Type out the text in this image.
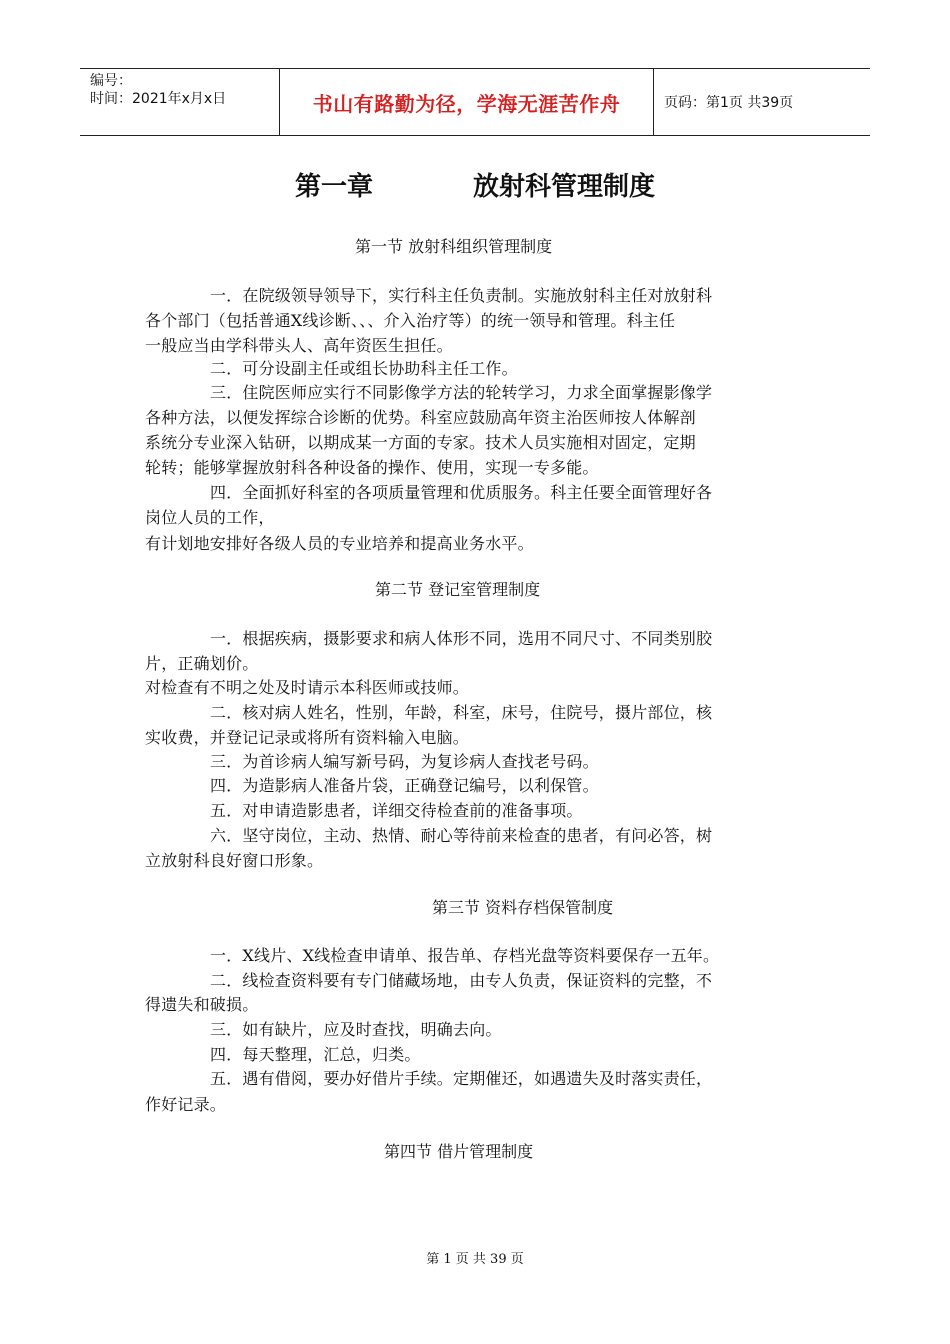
编号：
时间：2021年x月x日	书山有路勤为径，学海无涯苦作舟	页码：第1页 共39页
第一章	放射科管理制度
第一节 放射科组织管理制度
一．在院级领导领导下，实行科主任负责制。实施放射科主任对放射科
各个部门（包括普通X线诊断、、、介入治疗等）的统一领导和管理。科主任
一般应当由学科带头人、高年资医生担任。
二．可分设副主任或组长协助科主任工作。
三．住院医师应实行不同影像学方法的轮转学习，力求全面掌握影像学
各种方法，以便发挥综合诊断的优势。科室应鼓励高年资主治医师按人体解剖
系统分专业深入钻研，以期成某一方面的专家。技术人员实施相对固定，定期
轮转；能够掌握放射科各种设备的操作、使用，实现一专多能。
四．全面抓好科室的各项质量管理和优质服务。科主任要全面管理好各
岗位人员的工作，
有计划地安排好各级人员的专业培养和提高业务水平。
第二节 登记室管理制度
一．根据疾病，摄影要求和病人体形不同，选用不同尺寸、不同类别胶
片，正确划价。
对检查有不明之处及时请示本科医师或技师。
二．核对病人姓名，性别，年龄，科室，床号，住院号，摄片部位，核
实收费，并登记记录或将所有资料输入电脑。
三．为首诊病人编写新号码，为复诊病人查找老号码。
四．为造影病人准备片袋，正确登记编号，以利保管。
五．对申请造影患者，详细交待检查前的准备事项。
六．坚守岗位，主动、热情、耐心等待前来检查的患者，有问必答，树
立放射科良好窗口形象。
第三节 资料存档保管制度
一．X线片、X线检查申请单、报告单、存档光盘等资料要保存一五年。
二．线检查资料要有专门储藏场地，由专人负责，保证资料的完整，不
得遗失和破损。
三．如有缺片，应及时查找，明确去向。
四．每天整理，汇总，归类。
五．遇有借阅，要办好借片手续。定期催还，如遇遗失及时落实责任，
作好记录。
第四节 借片管理制度
第 1 页 共 39 页
